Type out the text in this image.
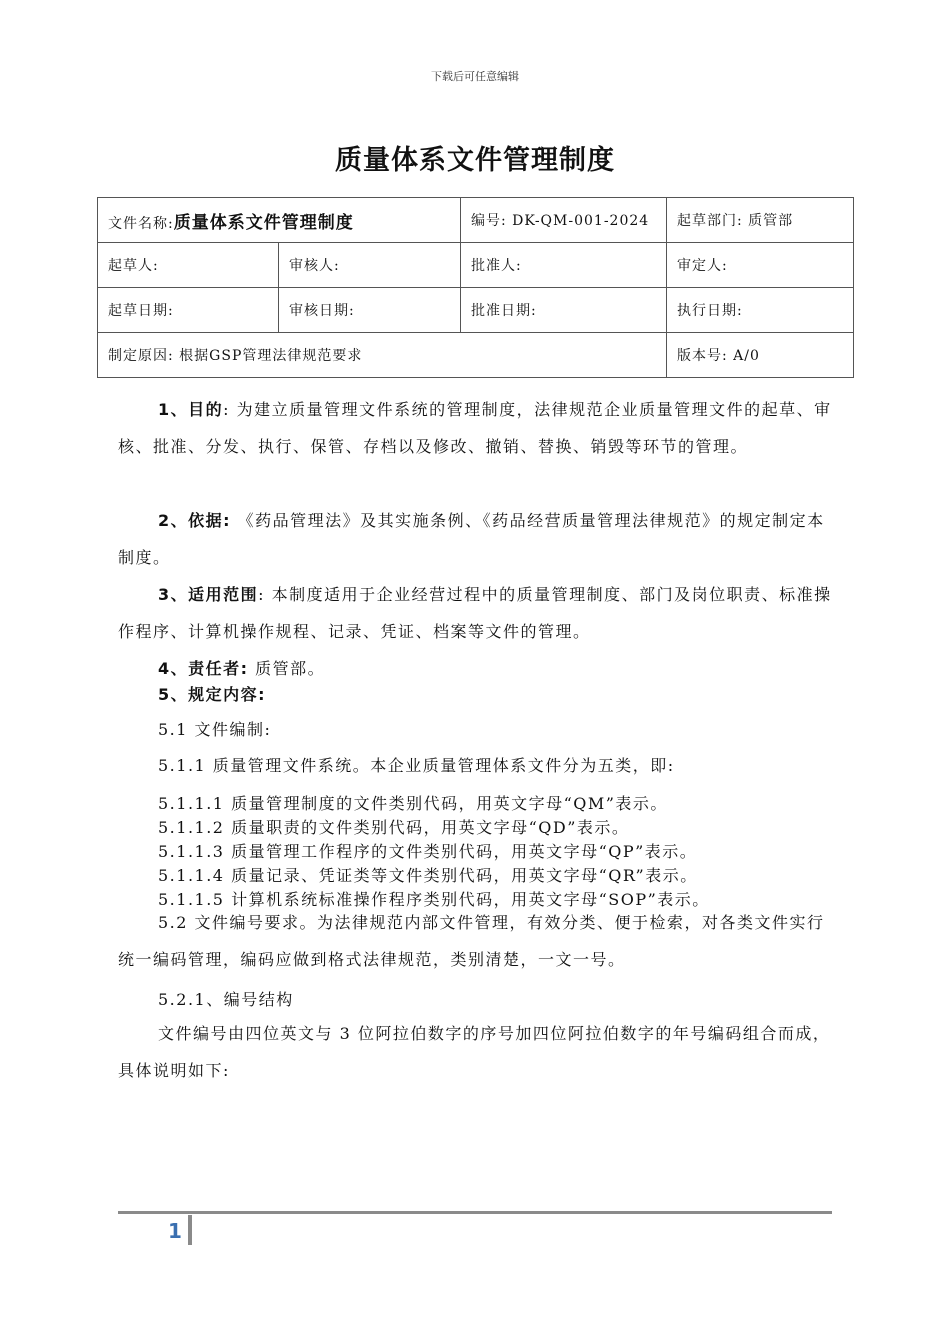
下载后可任意编辑
质量体系文件管理制度
文件名称:质量体系文件管理制度		编号: DK-QM-001-2024	起草部门: 质管部
起草人:	审核人:	批准人:	审定人:
起草日期:	审核日期:	批准日期:	执行日期:
制定原因: 根据GSP管理法律规范要求			版本号: A/0
1、目的: 为建立质量管理文件系统的管理制度，法律规范企业质量管理文件的起草、审核、批准、分发、执行、保管、存档以及修改、撤销、替换、销毁等环节的管理。
2、依据: 《药品管理法》及其实施条例、《药品经营质量管理法律规范》的规定制定本制度。
3、适用范围: 本制度适用于企业经营过程中的质量管理制度、部门及岗位职责、标准操作程序、计算机操作规程、记录、凭证、档案等文件的管理。
4、责任者: 质管部。
5、规定内容:
5.1 文件编制:
5.1.1 质量管理文件系统。本企业质量管理体系文件分为五类，即:
5.1.1.1 质量管理制度的文件类别代码，用英文字母“QM”表示。
5.1.1.2 质量职责的文件类别代码，用英文字母“QD”表示。
5.1.1.3 质量管理工作程序的文件类别代码，用英文字母“QP”表示。
5.1.1.4 质量记录、凭证类等文件类别代码，用英文字母“QR”表示。
5.1.1.5 计算机系统标准操作程序类别代码，用英文字母“SOP”表示。
5.2 文件编号要求。为法律规范内部文件管理，有效分类、便于检索，对各类文件实行统一编码管理，编码应做到格式法律规范，类别清楚，一文一号。
5.2.1、编号结构
文件编号由四位英文与 3 位阿拉伯数字的序号加四位阿拉伯数字的年号编码组合而成，具体说明如下:
1
